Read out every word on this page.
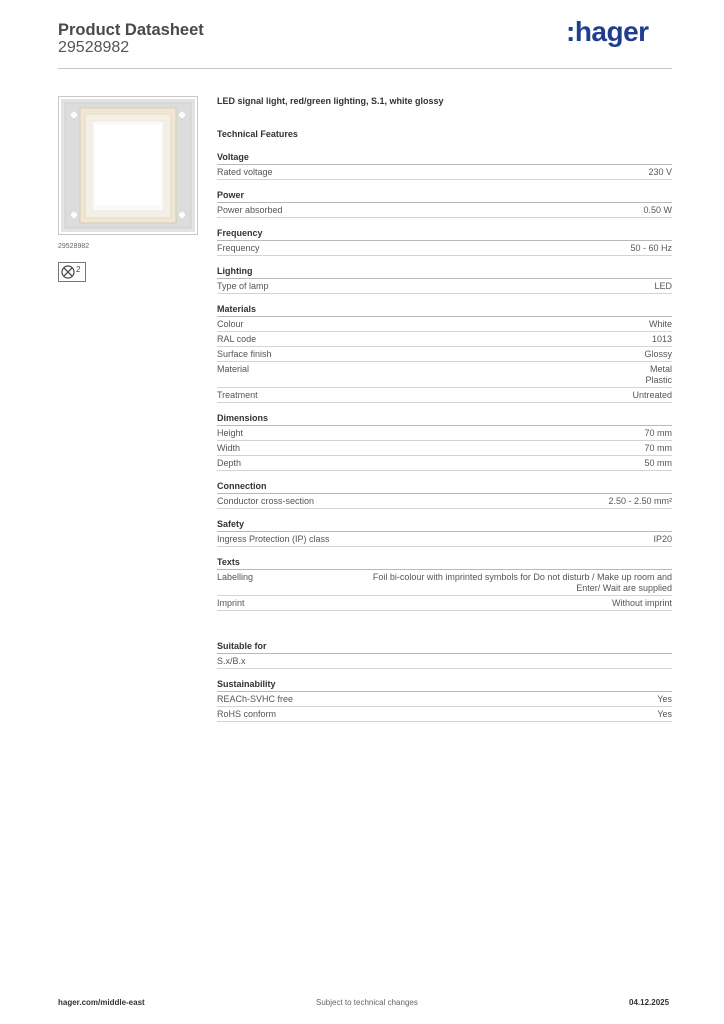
Product Datasheet
29528982
:hager
29528982
2
LED signal light, red/green lighting, S.1, white glossy
Technical Features
Voltage
Rated voltage	230 V
Power
Power absorbed	0.50 W
Frequency
Frequency	50 - 60 Hz
Lighting
Type of lamp	LED
Materials
Colour	White
RAL code	1013
Surface finish	Glossy
Material	Metal
Plastic
Treatment	Untreated
Dimensions
Height	70 mm
Width	70 mm
Depth	50 mm
Connection
Conductor cross-section	2.50 - 2.50 mm²
Safety
Ingress Protection (IP) class	IP20
Texts
Labelling	Foil bi-colour with imprinted symbols for Do not disturb / Make up room and
Enter/ Wait are supplied
Imprint	Without imprint
Suitable for
S.x/B.x
Sustainability
REACh-SVHC free	Yes
RoHS conform	Yes
hager.com/middle-east	Subject to technical changes	04.12.2025
